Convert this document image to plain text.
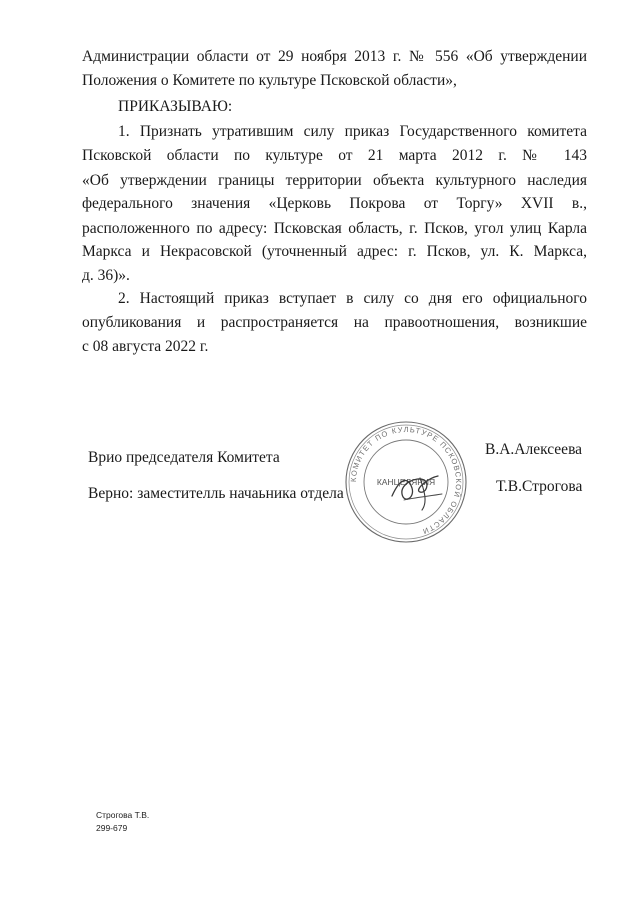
Администрации области от 29 ноября 2013 г. № 556 «Об утверждении
Положения о Комитете по культуре Псковской области»,
ПРИКАЗЫВАЮ:
1. Признать утратившим силу приказ Государственного комитета
Псковской области по культуре от 21 марта 2012 г. № 143
«Об утверждении границы территории объекта культурного наследия
федерального значения «Церковь Покрова от Торгу» XVII в.,
расположенного по адресу: Псковская область, г. Псков, угол улиц Карла
Маркса и Некрасовской (уточненный адрес: г. Псков, ул. К. Маркса,
д. 36)».
2. Настоящий приказ вступает в силу со дня его официального
опубликования и распространяется на правоотношения, возникшие
с 08 августа 2022 г.
Врио председателя Комитета	В.А.Алексеева
Верно: заместителль начаьника отдела	Т.В.Строгова
КОМИТЕТ ПО КУЛЬТУРЕ ПСКОВСКОЙ ОБЛАСТИ
КАНЦЕЛЯРИЯ
Строгова Т.В.
299-679
